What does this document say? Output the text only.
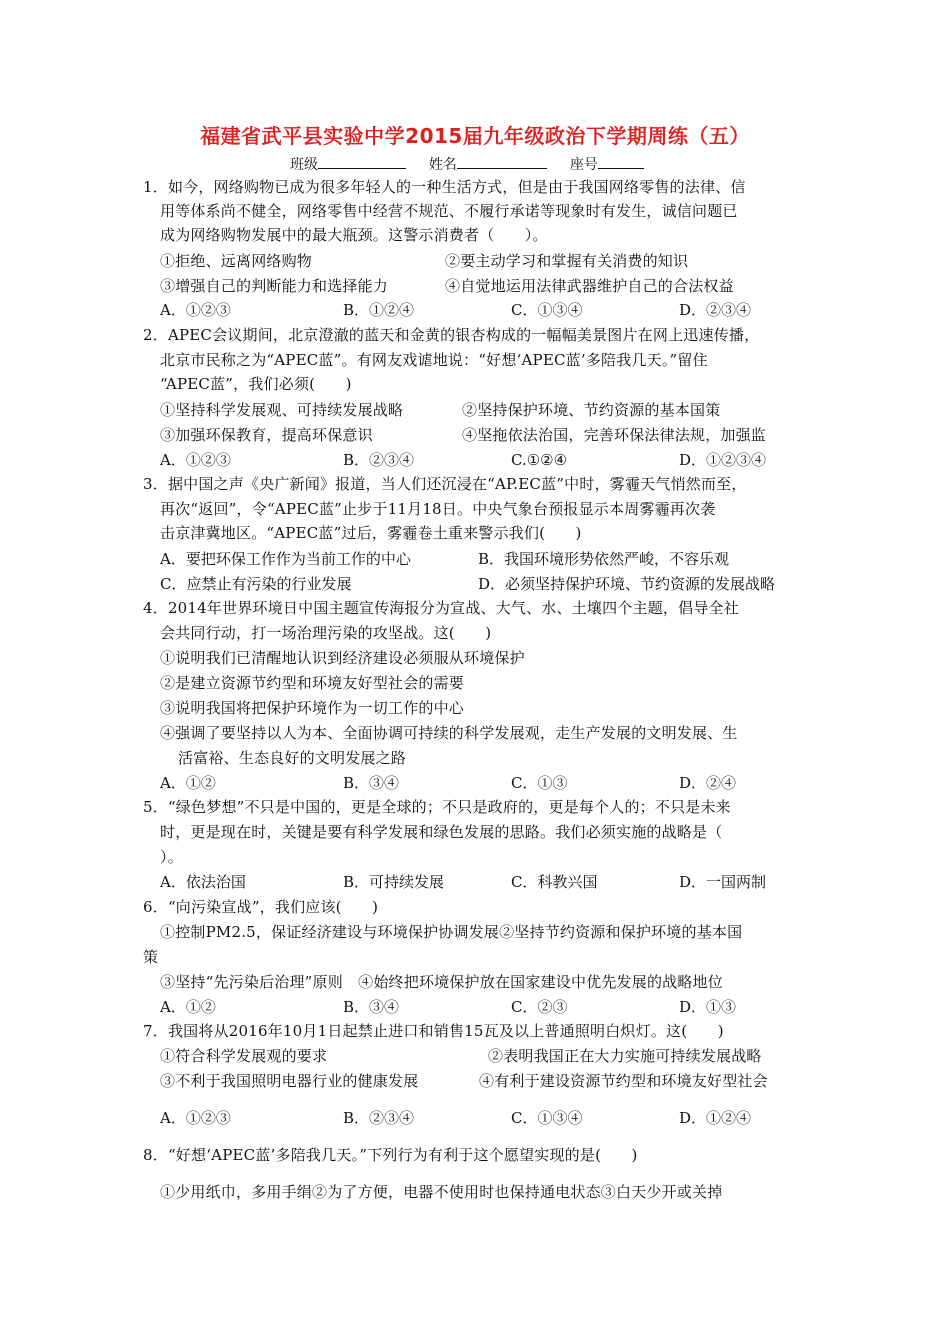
福建省武平县实验中学2015届九年级政治下学期周练（五）
班级	姓名	座号
1．如今，网络购物已成为很多年轻人的一种生活方式，但是由于我国网络零售的法律、信
用等体系尚不健全，网络零售中经营不规范、不履行承诺等现象时有发生，诚信问题已
成为网络购物发展中的最大瓶颈。这警示消费者（　　）。
①拒绝、远离网络购物	②要主动学习和掌握有关消费的知识
③增强自己的判断能力和选择能力	④自觉地运用法律武器维护自己的合法权益
A．①②③	B．①②④	C．①③④	D．②③④
2．APEC会议期间，北京澄澈的蓝天和金黄的银杏构成的一幅幅美景图片在网上迅速传播，
北京市民称之为“APEC蓝”。有网友戏谑地说：“好想‘APEC蓝’多陪我几天。”留住
“APEC蓝”，我们必须(　　)
①坚持科学发展观、可持续发展战略	②坚持保护环境、节约资源的基本国策
③加强环保教育，提高环保意识	④坚拖依法治国，完善环保法律法规，加强监
A．①②③	B．②③④	C.①②④	D．①②③④
3．据中国之声《央广新闻》报道，当人们还沉浸在“AP.EC蓝”中时，雾霾天气悄然而至，
再次“返回”，令“APEC蓝”止步于11月18日。中央气象台预报显示本周雾霾再次袭
击京津冀地区。“APEC蓝”过后，雾霾卷土重来警示我们(　　)
A．要把环保工作作为当前工作的中心	B．我国环境形势依然严峻，不容乐观
C．应禁止有污染的行业发展	D．必须坚持保护环境、节约资源的发展战略
4．2014年世界环境日中国主题宣传海报分为宣战、大气、水、土壤四个主题，倡导全社
会共同行动，打一场治理污染的攻坚战。这(　　)
①说明我们已清醒地认识到经济建设必须服从环境保护
②是建立资源节约型和环境友好型社会的需要
③说明我国将把保护环境作为一切工作的中心
④强调了要坚持以人为本、全面协调可持续的科学发展观，走生产发展的文明发展、生
活富裕、生态良好的文明发展之路
A．①②	B．③④	C．①③	D．②④
5．“绿色梦想”不只是中国的，更是全球的；不只是政府的，更是每个人的；不只是未来
时，更是现在时，关键是要有科学发展和绿色发展的思路。我们必须实施的战略是（
）。
A．依法治国	B．可持续发展	C．科教兴国	D．一国两制
6．“向污染宣战”，我们应该(　　)
①控制PM2.5，保证经济建设与环境保护协调发展②坚持节约资源和保护环境的基本国
策
③坚持“先污染后治理”原则　④始终把环境保护放在国家建设中优先发展的战略地位
A．①②	B．③④	C．②③	D．①③
7．我国将从2016年10月1日起禁止进口和销售15瓦及以上普通照明白炽灯。这(　　)
①符合科学发展观的要求	②表明我国正在大力实施可持续发展战略
③不利于我国照明电器行业的健康发展	④有利于建设资源节约型和环境友好型社会
A．①②③	B．②③④	C．①③④	D．①②④
8．“好想‘APEC蓝’多陪我几天。”下列行为有利于这个愿望实现的是(　　)
①少用纸巾，多用手绢②为了方便，电器不使用时也保持通电状态③白天少开或关掉
